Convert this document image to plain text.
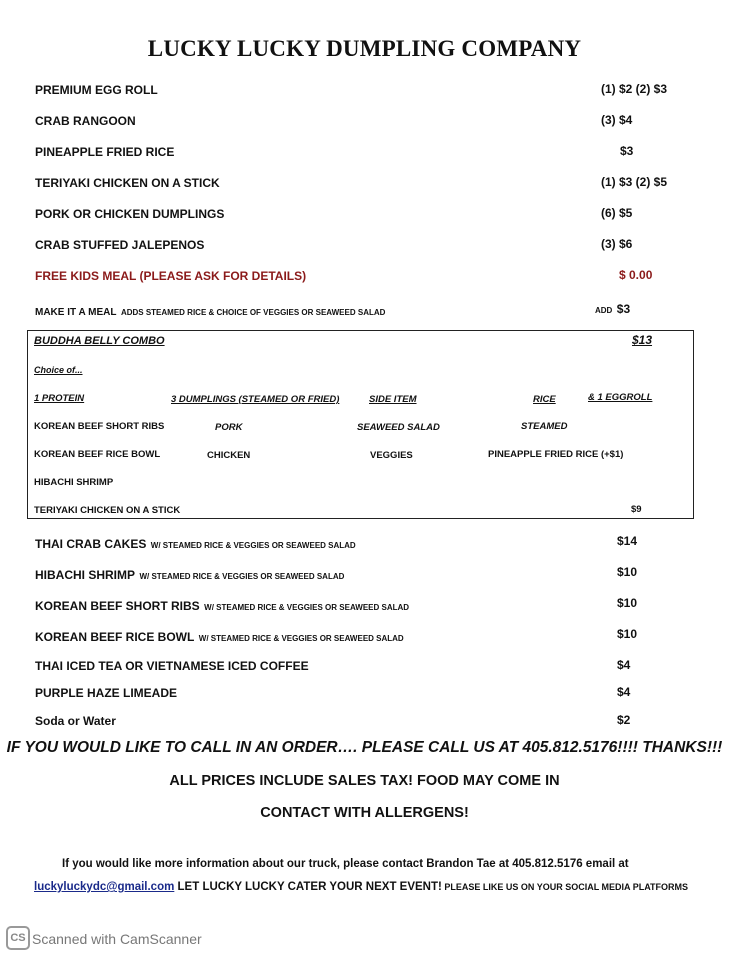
LUCKY LUCKY DUMPLING COMPANY
PREMIUM EGG ROLL	(1) $2 (2) $3
CRAB RANGOON	(3) $4
PINEAPPLE FRIED RICE	$3
TERIYAKI CHICKEN ON A STICK	(1) $3 (2) $5
PORK OR CHICKEN DUMPLINGS	(6) $5
CRAB STUFFED JALEPENOS	(3) $6
FREE KIDS MEAL (PLEASE ASK FOR DETAILS)	$ 0.00
MAKE IT A MEAL ADDS STEAMED RICE & CHOICE OF VEGGIES OR SEAWEED SALAD	ADD $3
BUDDHA BELLY COMBO	$13
Choice of...
1 PROTEIN	3 DUMPLINGS (STEAMED OR FRIED)	SIDE ITEM	RICE	& 1 EGGROLL
KOREAN BEEF SHORT RIBS	PORK	SEAWEED SALAD	STEAMED
KOREAN BEEF RICE BOWL	CHICKEN	VEGGIES	PINEAPPLE FRIED RICE (+$1)
HIBACHI SHRIMP
TERIYAKI CHICKEN ON A STICK	$9
THAI CRAB CAKES W/ STEAMED RICE & VEGGIES OR SEAWEED SALAD	$14
HIBACHI SHRIMP W/ STEAMED RICE & VEGGIES OR SEAWEED SALAD	$10
KOREAN BEEF SHORT RIBS W/ STEAMED RICE & VEGGIES OR SEAWEED SALAD	$10
KOREAN BEEF RICE BOWL W/ STEAMED RICE & VEGGIES OR SEAWEED SALAD	$10
THAI ICED TEA OR VIETNAMESE ICED COFFEE	$4
PURPLE HAZE LIMEADE	$4
Soda or Water	$2
IF YOU WOULD LIKE TO CALL IN AN ORDER…. PLEASE CALL US AT 405.812.5176!!!! THANKS!!!
ALL PRICES INCLUDE SALES TAX! FOOD MAY COME IN
CONTACT WITH ALLERGENS!
If you would like more information about our truck, please contact Brandon Tae at 405.812.5176 email at
luckyluckydc@gmail.com LET LUCKY LUCKY CATER YOUR NEXT EVENT! PLEASE LIKE US ON YOUR SOCIAL MEDIA PLATFORMS
CS Scanned with CamScanner
